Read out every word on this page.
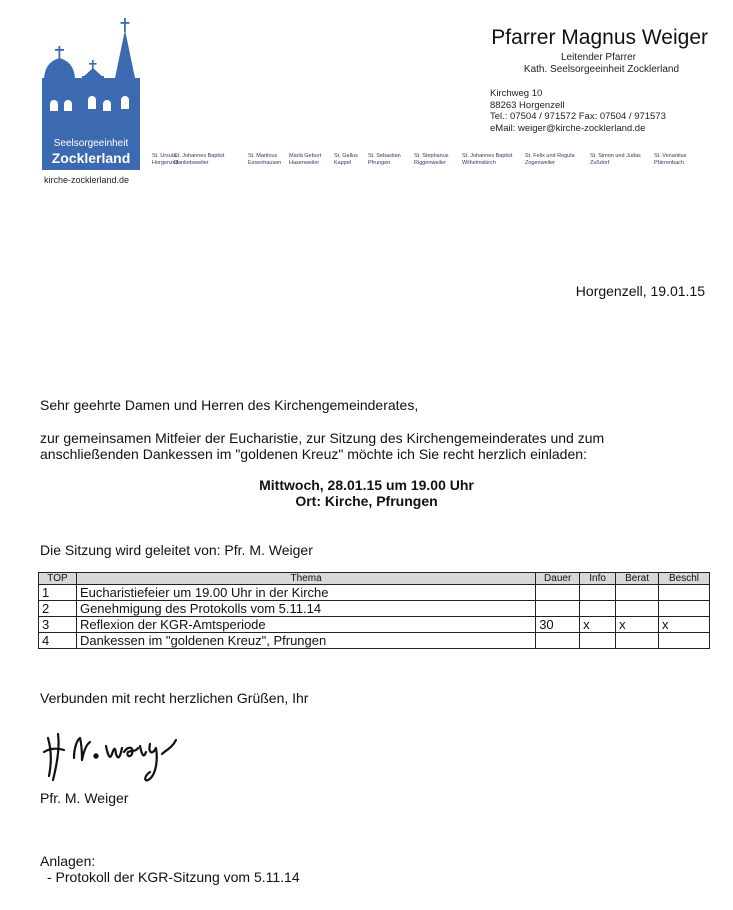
Seelsorgeeinheit
Zocklerland
kirche-zocklerland.de
St. Ursula
Horgenzell
St. Johannes Baptist
Danketsweiler
St. Martinus
Essenhausen
Mariä Geburt
Hasenweiler
St. Gallus
Kappel
St. Sebastian
Pfrungen
St. Stephanus
Riggenweiler
St. Johannes Baptist
Wilhelmskirch
St. Felix und Regula
Zogenweiler
St. Simon und Judas
Zußdorf
St. Venantius
Pfärrenbach
Pfarrer Magnus Weiger
Leitender Pfarrer
Kath. Seelsorgeeinheit Zocklerland
Kirchweg 10
88263 Horgenzell
Tel.: 07504 / 971572 Fax: 07504 / 971573
eMail: weiger@kirche-zocklerland.de
Horgenzell, 19.01.15
Sehr geehrte Damen und Herren des Kirchengemeinderates,
zur gemeinsamen Mitfeier der Eucharistie, zur Sitzung des Kirchengemeinderates und zum
anschließenden Dankessen im "goldenen Kreuz" möchte ich Sie recht herzlich einladen:
Mittwoch, 28.01.15 um 19.00 Uhr
Ort: Kirche, Pfrungen
Die Sitzung wird geleitet von: Pfr. M. Weiger
TOP	Thema	Dauer	Info	Berat	Beschl
1	Eucharistiefeier um 19.00 Uhr in der Kirche				
2	Genehmigung des Protokolls vom 5.11.14				
3	Reflexion der KGR-Amtsperiode	30	x	x	x
4	Dankessen im "goldenen Kreuz", Pfrungen				
Verbunden mit recht herzlichen Grüßen, Ihr
Pfr. M. Weiger
Anlagen:
- Protokoll der KGR-Sitzung vom 5.11.14
